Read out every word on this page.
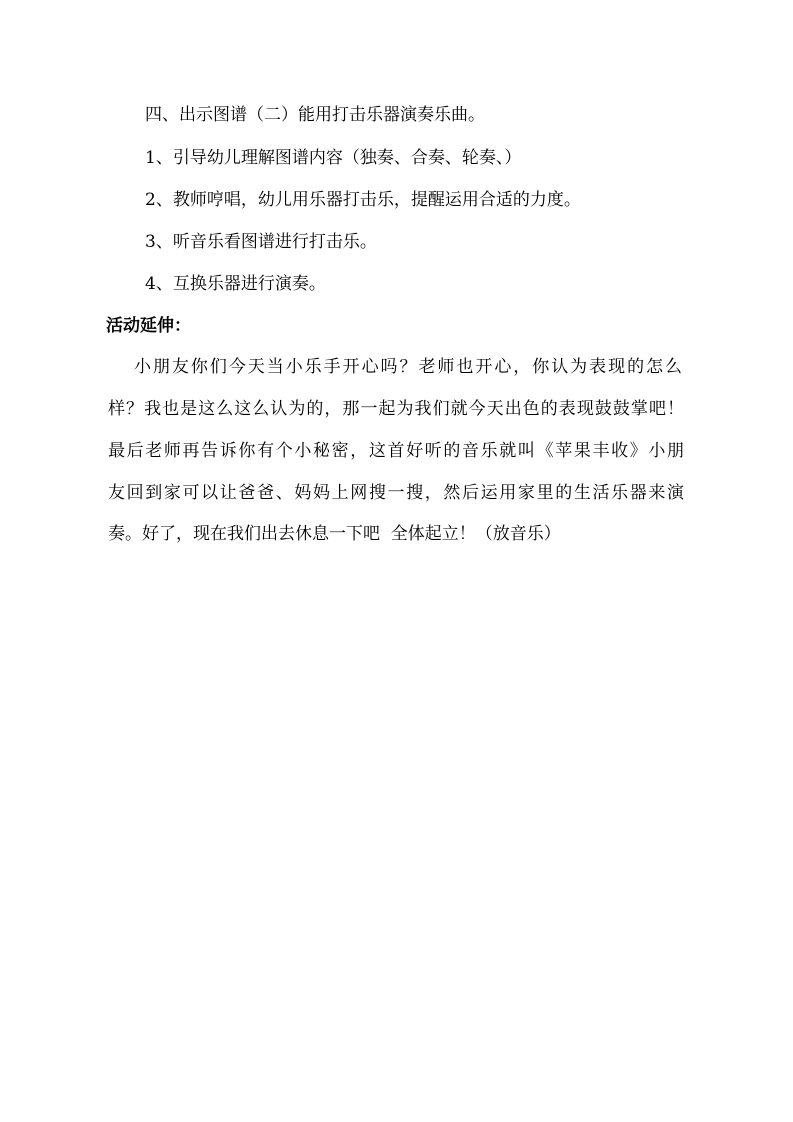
四、出示图谱（二）能用打击乐器演奏乐曲。

1、引导幼儿理解图谱内容（独奏、合奏、轮奏、）

2、教师哼唱，幼儿用乐器打击乐，提醒运用合适的力度。

3、听音乐看图谱进行打击乐。

4、互换乐器进行演奏。

活动延伸：

小朋友你们今天当小乐手开心吗？老师也开心，你认为表现的怎么

样？我也是这么这么认为的，那一起为我们就今天出色的表现鼓鼓掌吧！

最后老师再告诉你有个小秘密，这首好听的音乐就叫《苹果丰收》小朋

友回到家可以让爸爸、妈妈上网搜一搜，然后运用家里的生活乐器来演

奏。好了，现在我们出去休息一下吧  全体起立！（放音乐）
